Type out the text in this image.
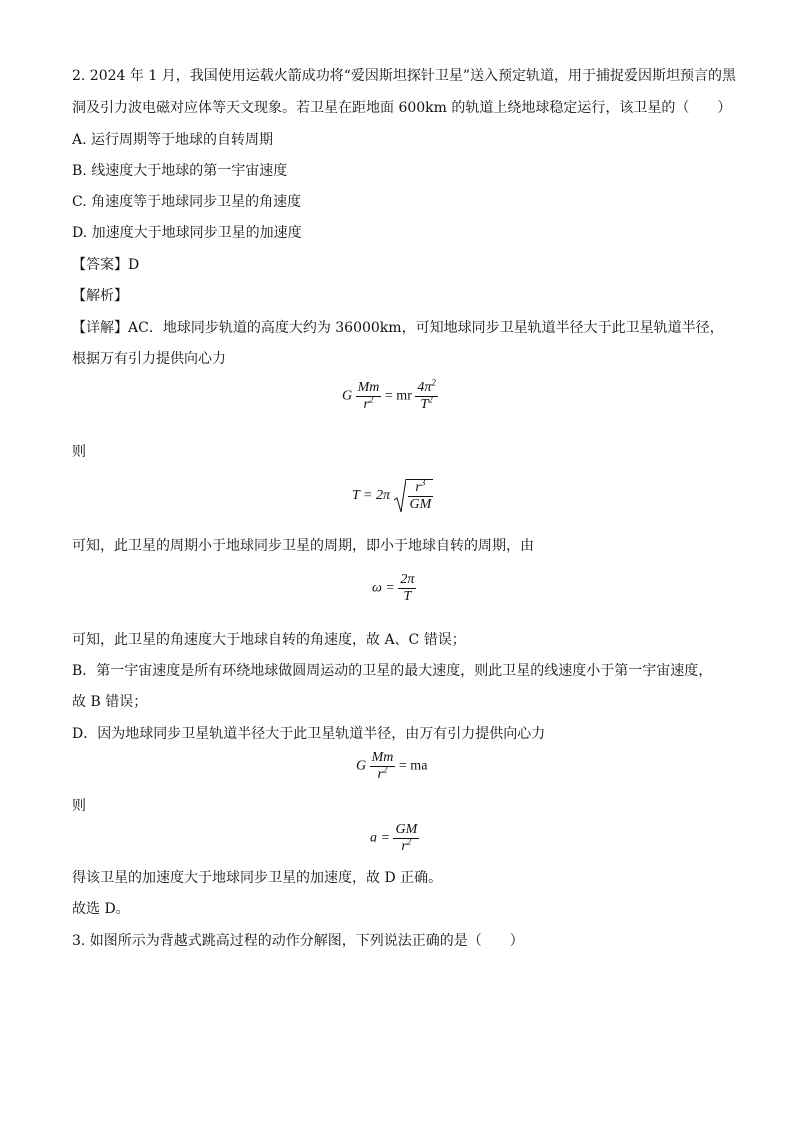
2. 2024 年 1 月，我国使用运载火箭成功将“爱因斯坦探针卫星”送入预定轨道，用于捕捉爱因斯坦预言的黑
洞及引力波电磁对应体等天文现象。若卫星在距地面 600km 的轨道上绕地球稳定运行，该卫星的（　　）
A. 运行周期等于地球的自转周期
B. 线速度大于地球的第一宇宙速度
C. 角速度等于地球同步卫星的角速度
D. 加速度大于地球同步卫星的加速度
【答案】D
【解析】
【详解】AC．地球同步轨道的高度大约为 36000km，可知地球同步卫星轨道半径大于此卫星轨道半径，
根据万有引力提供向心力
G $\frac{Mm}{r^2}$ = mr $\frac{4\pi^2}{T^2}$
则
$T = 2\pi \frac{r^3}{GM}$
可知，此卫星的周期小于地球同步卫星的周期，即小于地球自转的周期，由
$\omega = \frac{2\pi}{T}$
可知，此卫星的角速度大于地球自转的角速度，故 A、C 错误；
B．第一宇宙速度是所有环绕地球做圆周运动的卫星的最大速度，则此卫星的线速度小于第一宇宙速度，
故 B 错误；
D．因为地球同步卫星轨道半径大于此卫星轨道半径，由万有引力提供向心力
G $\frac{Mm}{r^2}$ = ma
则
$a = \frac{GM}{r^2}$
得该卫星的加速度大于地球同步卫星的加速度，故 D 正确。
故选 D。
3. 如图所示为背越式跳高过程的动作分解图，下列说法正确的是（　　）
